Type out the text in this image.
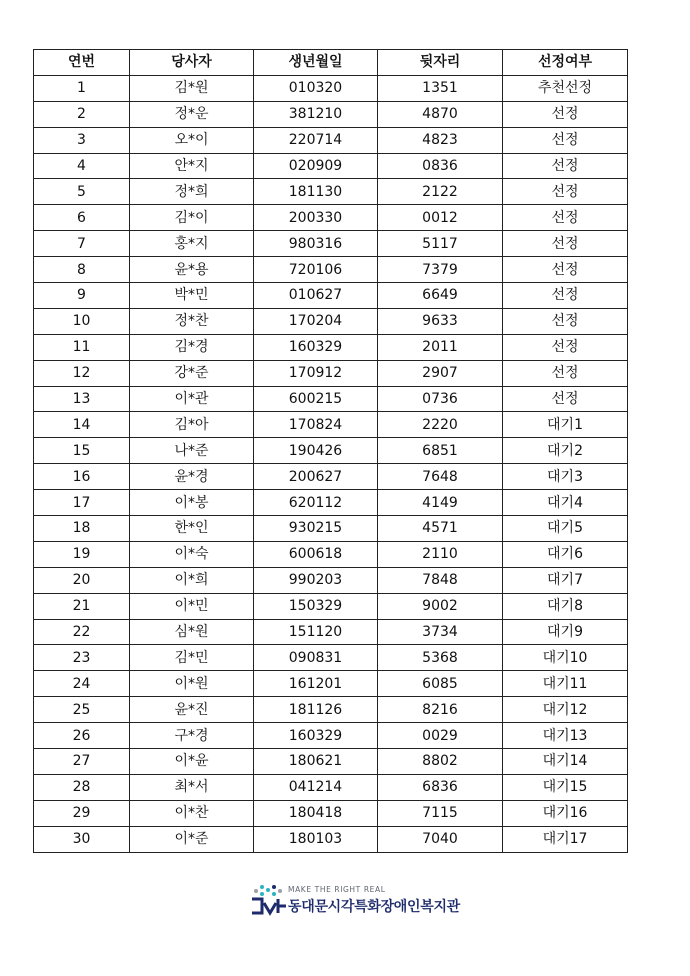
연번	당사자	생년월일	뒷자리	선정여부
1	김*원	010320	1351	추천선정
2	정*운	381210	4870	선정
3	오*이	220714	4823	선정
4	안*지	020909	0836	선정
5	정*희	181130	2122	선정
6	김*이	200330	0012	선정
7	홍*지	980316	5117	선정
8	윤*용	720106	7379	선정
9	박*민	010627	6649	선정
10	정*찬	170204	9633	선정
11	김*경	160329	2011	선정
12	강*준	170912	2907	선정
13	이*관	600215	0736	선정
14	김*아	170824	2220	대기1
15	나*준	190426	6851	대기2
16	윤*경	200627	7648	대기3
17	이*봉	620112	4149	대기4
18	한*인	930215	4571	대기5
19	이*숙	600618	2110	대기6
20	이*희	990203	7848	대기7
21	이*민	150329	9002	대기8
22	심*원	151120	3734	대기9
23	김*민	090831	5368	대기10
24	이*원	161201	6085	대기11
25	윤*진	181126	8216	대기12
26	구*경	160329	0029	대기13
27	이*윤	180621	8802	대기14
28	최*서	041214	6836	대기15
29	이*찬	180418	7115	대기16
30	이*준	180103	7040	대기17
MAKE THE RIGHT REAL
동대문시각특화장애인복지관
